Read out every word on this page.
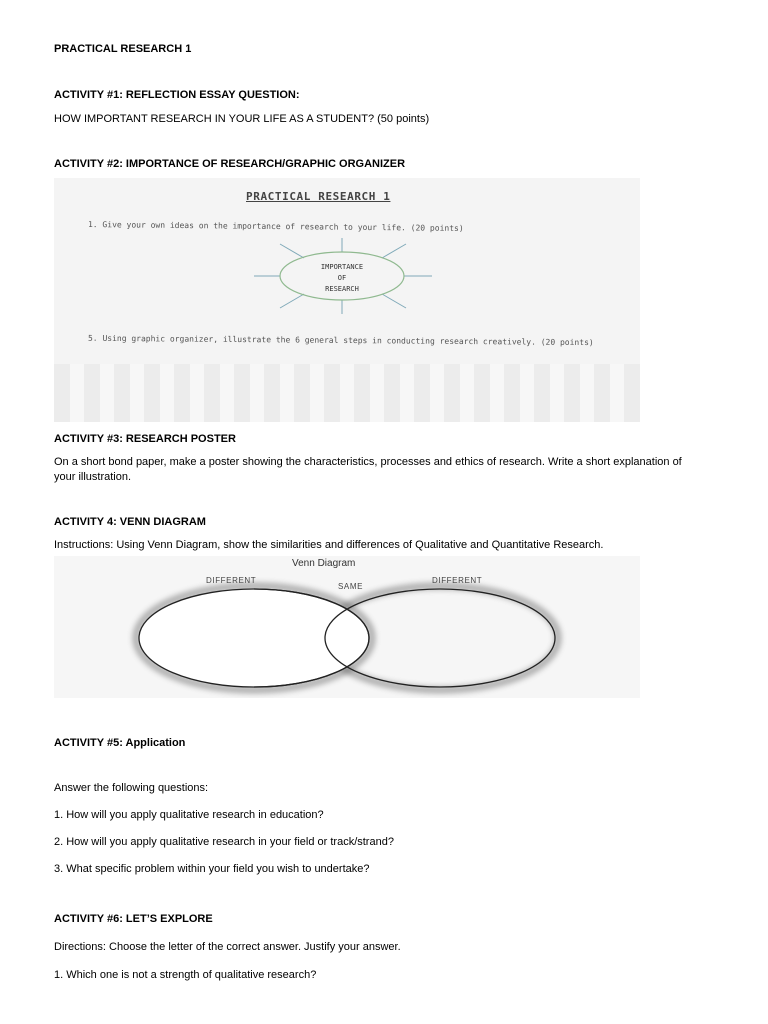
PRACTICAL RESEARCH 1
ACTIVITY #1: REFLECTION ESSAY QUESTION:
HOW IMPORTANT RESEARCH IN YOUR LIFE AS A STUDENT? (50 points)
ACTIVITY #2: IMPORTANCE OF RESEARCH/GRAPHIC ORGANIZER
PRACTICAL RESEARCH 1
1. Give your own ideas on the importance of research to your life. (20 points)
IMPORTANCE
OF
RESEARCH
5. Using graphic organizer, illustrate the 6 general steps in conducting research creatively. (20 points)
ACTIVITY #3: RESEARCH POSTER
On a short bond paper, make a poster showing the characteristics, processes and ethics of research. Write a short explanation of your illustration.
ACTIVITY 4: VENN DIAGRAM
Instructions: Using Venn Diagram, show the similarities and differences of Qualitative and Quantitative Research.
Venn Diagram
DIFFERENT
SAME
DIFFERENT
ACTIVITY #5: Application
Answer the following questions:
1. How will you apply qualitative research in education?
2. How will you apply qualitative research in your field or track/strand?
3. What specific problem within your field you wish to undertake?
ACTIVITY #6: LET’S EXPLORE
Directions: Choose the letter of the correct answer. Justify your answer.
1. Which one is not a strength of qualitative research?
